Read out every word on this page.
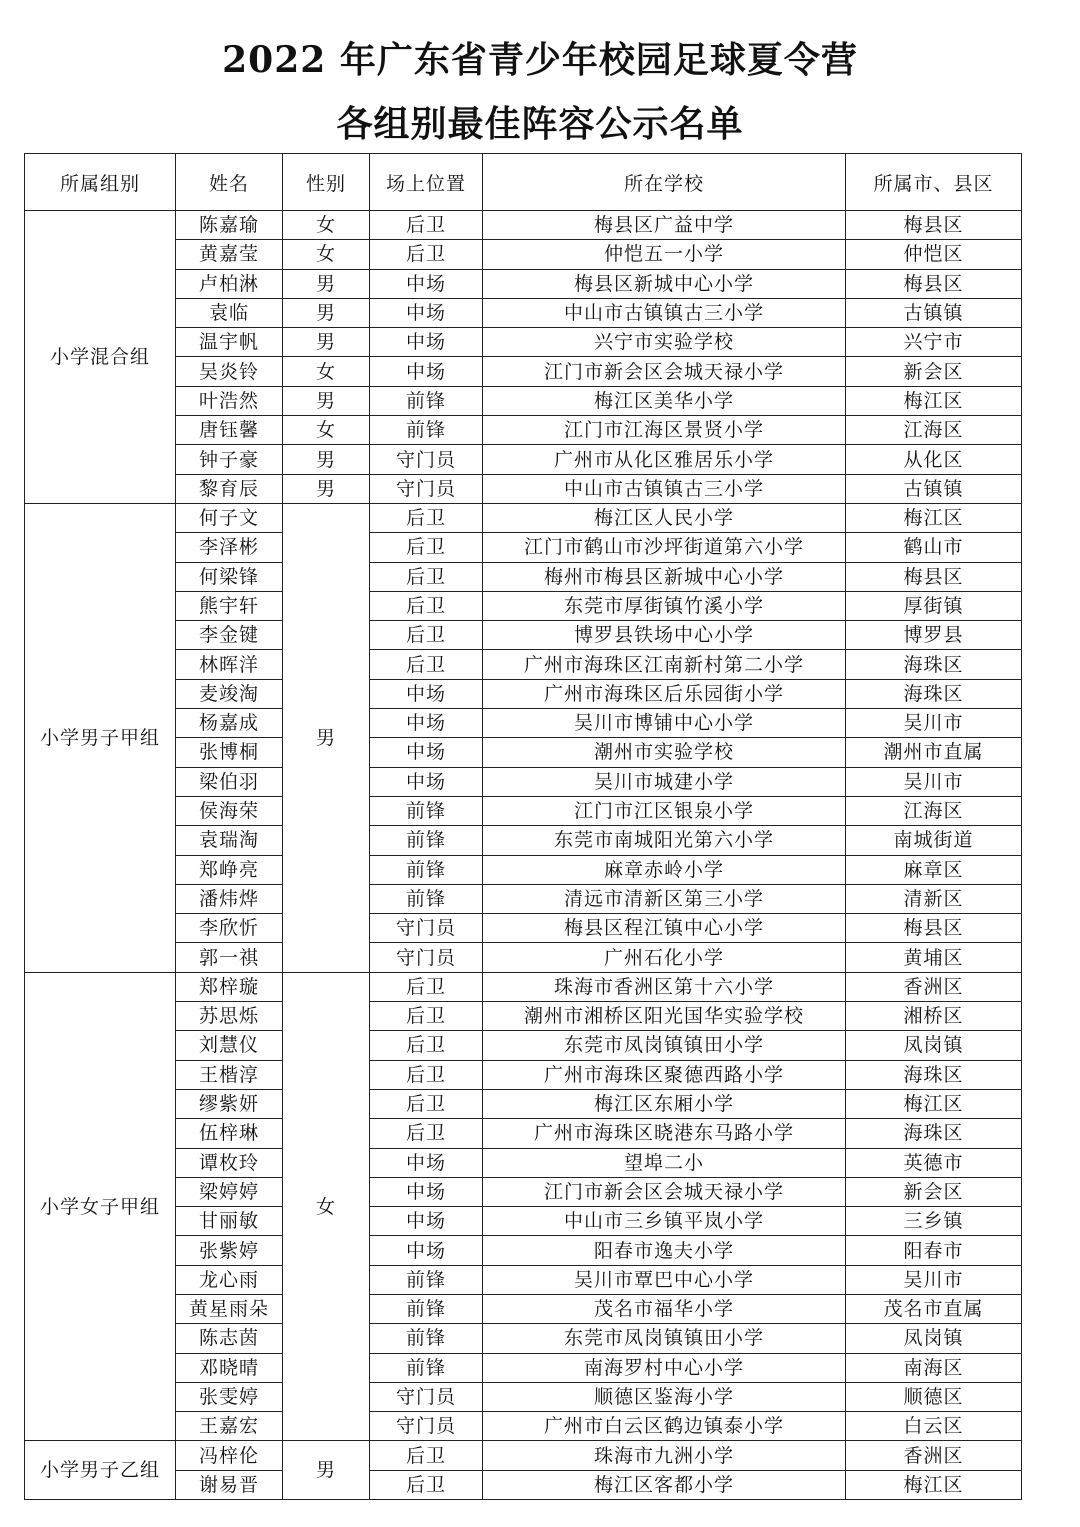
2022 年广东省青少年校园足球夏令营
各组别最佳阵容公示名单
所属组别	姓名	性别	场上位置	所在学校	所属市、县区
小学混合组	陈嘉瑜	女	后卫	梅县区广益中学	梅县区
	黄嘉莹	女	后卫	仲恺五一小学	仲恺区
	卢柏淋	男	中场	梅县区新城中心小学	梅县区
	袁临	男	中场	中山市古镇镇古三小学	古镇镇
	温宇帆	男	中场	兴宁市实验学校	兴宁市
	吴炎铃	女	中场	江门市新会区会城天禄小学	新会区
	叶浩然	男	前锋	梅江区美华小学	梅江区
	唐钰馨	女	前锋	江门市江海区景贤小学	江海区
	钟子豪	男	守门员	广州市从化区雅居乐小学	从化区
	黎育辰	男	守门员	中山市古镇镇古三小学	古镇镇
小学男子甲组	何子文	男	后卫	梅江区人民小学	梅江区
	李泽彬		后卫	江门市鹤山市沙坪街道第六小学	鹤山市
	何梁锋		后卫	梅州市梅县区新城中心小学	梅县区
	熊宇轩		后卫	东莞市厚街镇竹溪小学	厚街镇
	李金键		后卫	博罗县铁场中心小学	博罗县
	林晖洋		后卫	广州市海珠区江南新村第二小学	海珠区
	麦竣淘		中场	广州市海珠区后乐园街小学	海珠区
	杨嘉成		中场	吴川市博铺中心小学	吴川市
	张博桐		中场	潮州市实验学校	潮州市直属
	梁伯羽		中场	吴川市城建小学	吴川市
	侯海荣		前锋	江门市江区银泉小学	江海区
	袁瑞淘		前锋	东莞市南城阳光第六小学	南城街道
	郑峥亮		前锋	麻章赤岭小学	麻章区
	潘炜烨		前锋	清远市清新区第三小学	清新区
	李欣忻		守门员	梅县区程江镇中心小学	梅县区
	郭一祺		守门员	广州石化小学	黄埔区
小学女子甲组	郑梓璇	女	后卫	珠海市香洲区第十六小学	香洲区
	苏思烁		后卫	潮州市湘桥区阳光国华实验学校	湘桥区
	刘慧仪		后卫	东莞市凤岗镇镇田小学	凤岗镇
	王楷淳		后卫	广州市海珠区聚德西路小学	海珠区
	缪紫妍		后卫	梅江区东厢小学	梅江区
	伍梓琳		后卫	广州市海珠区晓港东马路小学	海珠区
	谭枚玲		中场	望埠二小	英德市
	梁婷婷		中场	江门市新会区会城天禄小学	新会区
	甘丽敏		中场	中山市三乡镇平岚小学	三乡镇
	张紫婷		中场	阳春市逸夫小学	阳春市
	龙心雨		前锋	吴川市覃巴中心小学	吴川市
	黄星雨朵		前锋	茂名市福华小学	茂名市直属
	陈志茵		前锋	东莞市凤岗镇镇田小学	凤岗镇
	邓晓晴		前锋	南海罗村中心小学	南海区
	张雯婷		守门员	顺德区鉴海小学	顺德区
	王嘉宏		守门员	广州市白云区鹤边镇泰小学	白云区
小学男子乙组	冯梓伦	男	后卫	珠海市九洲小学	香洲区
	谢易晋		后卫	梅江区客都小学	梅江区
